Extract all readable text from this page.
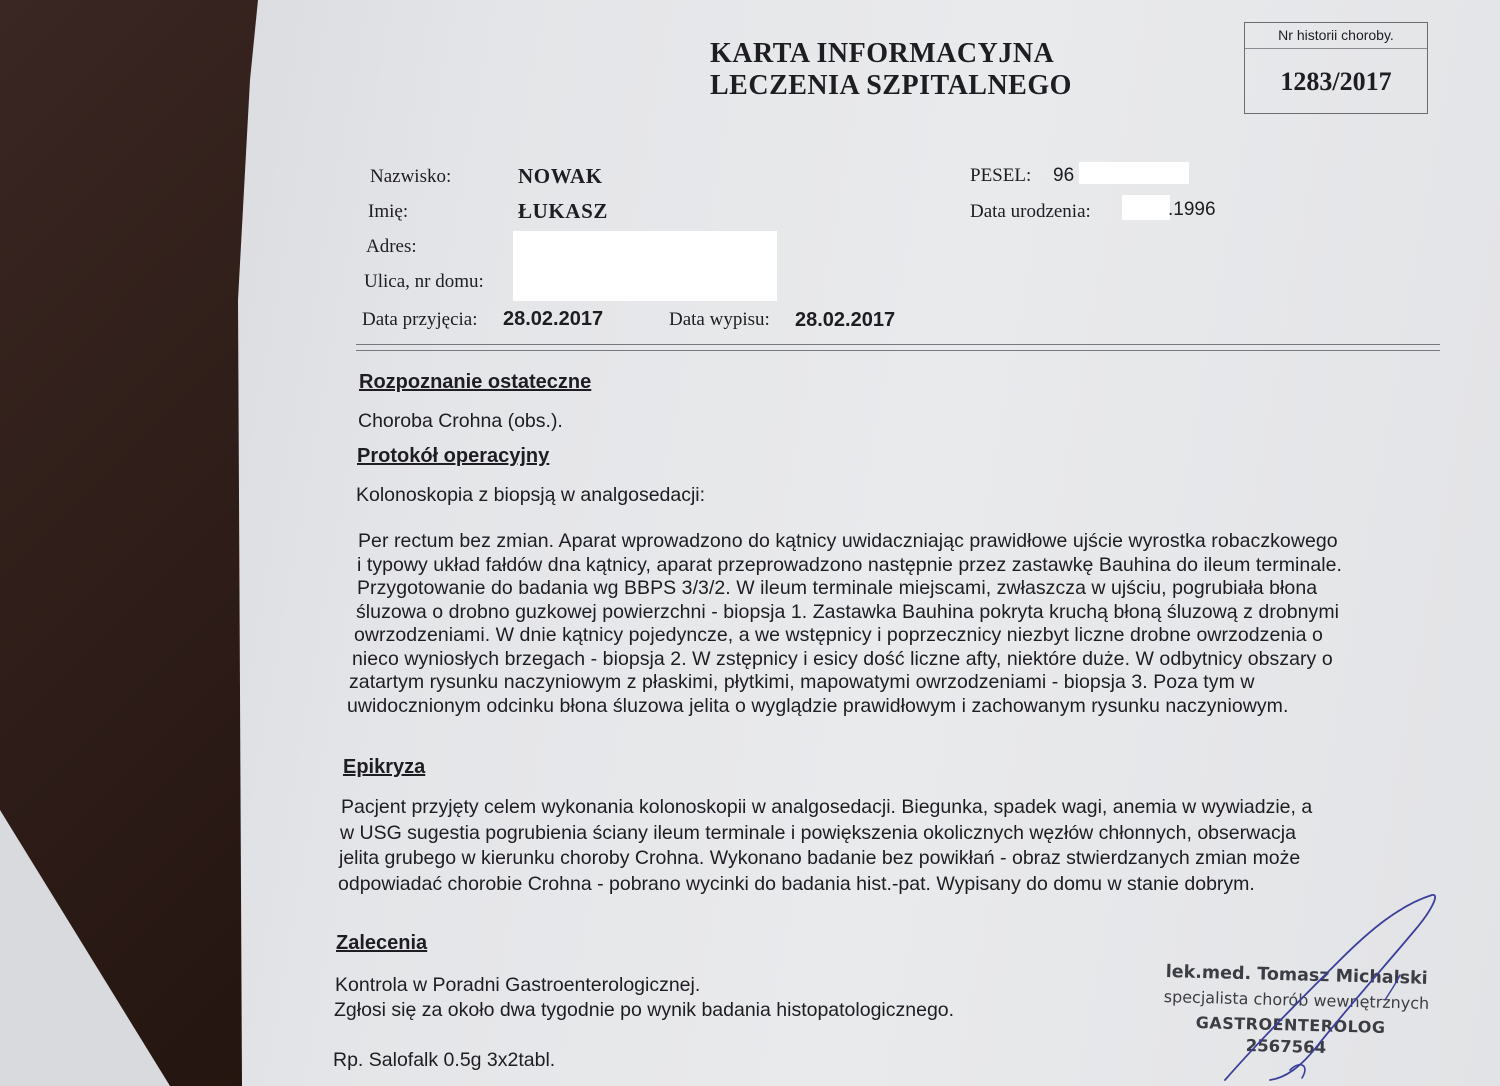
KARTA INFORMACYJNA
LECZENIA SZPITALNEGO
Nr historii choroby.
1283/2017
Nazwisko:	NOWAK
Imię:	ŁUKASZ
Adres:
Ulica, nr domu:
PESEL: 96
Data urodzenia:	.1996
Data przyjęcia: 28.02.2017	Data wypisu: 28.02.2017
Rozpoznanie ostateczne
Choroba Crohna (obs.).
Protokół operacyjny
Kolonoskopia z biopsją w analgosedacji:
Per rectum bez zmian. Aparat wprowadzono do kątnicy uwidaczniając prawidłowe ujście wyrostka robaczkowego
i typowy układ fałdów dna kątnicy, aparat przeprowadzono następnie przez zastawkę Bauhina do ileum terminale.
Przygotowanie do badania wg BBPS 3/3/2. W ileum terminale miejscami, zwłaszcza w ujściu, pogrubiała błona
śluzowa o drobno guzkowej powierzchni - biopsja 1. Zastawka Bauhina pokryta kruchą błoną śluzową z drobnymi
owrzodzeniami. W dnie kątnicy pojedyncze, a we wstępnicy i poprzecznicy niezbyt liczne drobne owrzodzenia o
nieco wyniosłych brzegach - biopsja 2. W zstępnicy i esicy dość liczne afty, niektóre duże. W odbytnicy obszary o
zatartym rysunku naczyniowym z płaskimi, płytkimi, mapowatymi owrzodzeniami - biopsja 3. Poza tym w
uwidocznionym odcinku błona śluzowa jelita o wyglądzie prawidłowym i zachowanym rysunku naczyniowym.
Epikryza
Pacjent przyjęty celem wykonania kolonoskopii w analgosedacji. Biegunka, spadek wagi, anemia w wywiadzie, a
w USG sugestia pogrubienia ściany ileum terminale i powiększenia okolicznych węzłów chłonnych, obserwacja
jelita grubego w kierunku choroby Crohna. Wykonano badanie bez powikłań - obraz stwierdzanych zmian może
odpowiadać chorobie Crohna - pobrano wycinki do badania hist.-pat. Wypisany do domu w stanie dobrym.
Zalecenia
Kontrola w Poradni Gastroenterologicznej.
Zgłosi się za około dwa tygodnie po wynik badania histopatologicznego.
Rp. Salofalk 0.5g 3x2tabl.
lek.med. Tomasz Michalski
specjalista chorób wewnętrznych
GASTROENTEROLOG
2567564
